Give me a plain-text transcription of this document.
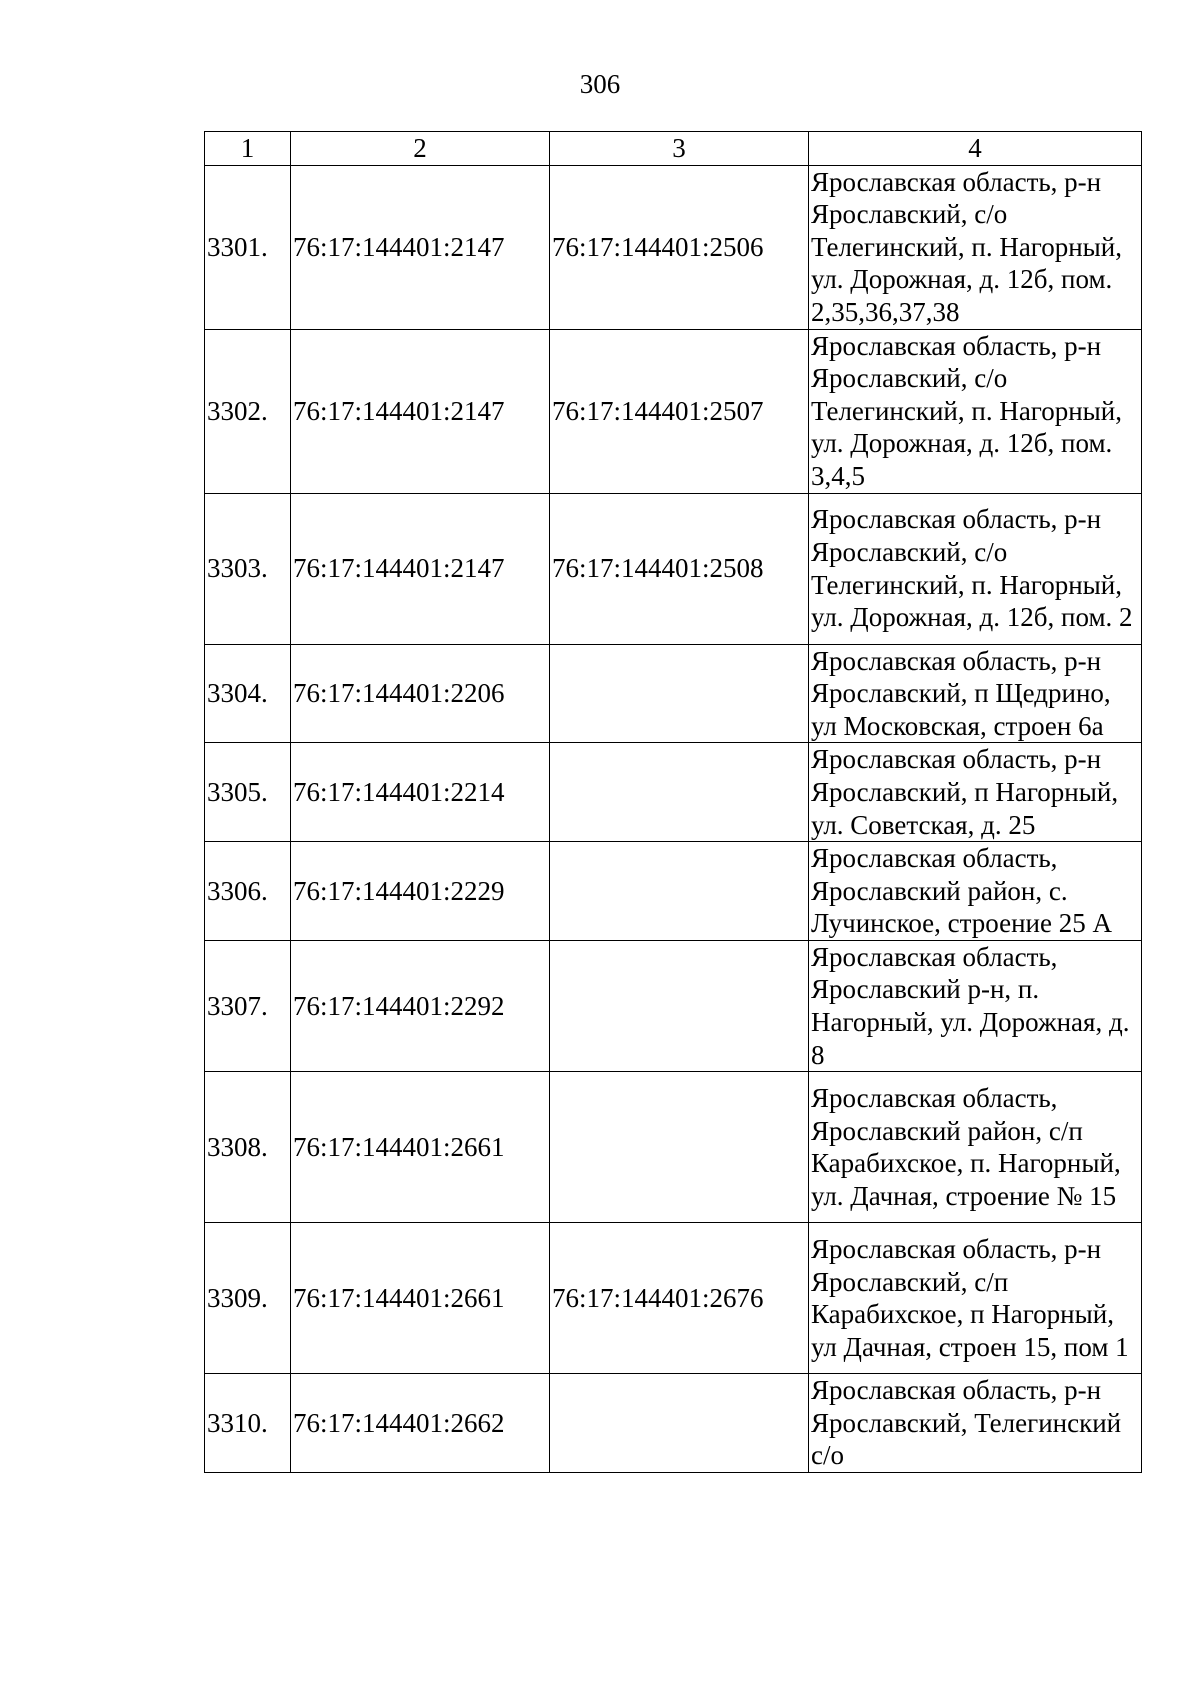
306
1	2	3	4
3301.	76:17:144401:2147	76:17:144401:2506	Ярославская область, р-н Ярославский, с/о Телегинский, п. Нагорный, ул. Дорожная, д. 12б, пом. 2,35,36,37,38
3302.	76:17:144401:2147	76:17:144401:2507	Ярославская область, р-н Ярославский, с/о Телегинский, п. Нагорный, ул. Дорожная, д. 12б, пом. 3,4,5
3303.	76:17:144401:2147	76:17:144401:2508	Ярославская область, р-н Ярославский, с/о Телегинский, п. Нагорный, ул. Дорожная, д. 12б, пом. 2
3304.	76:17:144401:2206		Ярославская область, р-н Ярославский, п Щедрино, ул Московская, строен 6а
3305.	76:17:144401:2214		Ярославская область, р-н Ярославский, п Нагорный, ул. Советская, д. 25
3306.	76:17:144401:2229		Ярославская область, Ярославский район, с. Лучинское, строение 25 А
3307.	76:17:144401:2292		Ярославская область, Ярославский р-н, п. Нагорный, ул. Дорожная, д. 8
3308.	76:17:144401:2661		Ярославская область, Ярославский район, с/п Карабихское, п. Нагорный, ул. Дачная, строение № 15
3309.	76:17:144401:2661	76:17:144401:2676	Ярославская область, р-н Ярославский, с/п Карабихское, п Нагорный, ул Дачная, строен 15, пом 1
3310.	76:17:144401:2662		Ярославская область, р-н Ярославский, Телегинский с/о
